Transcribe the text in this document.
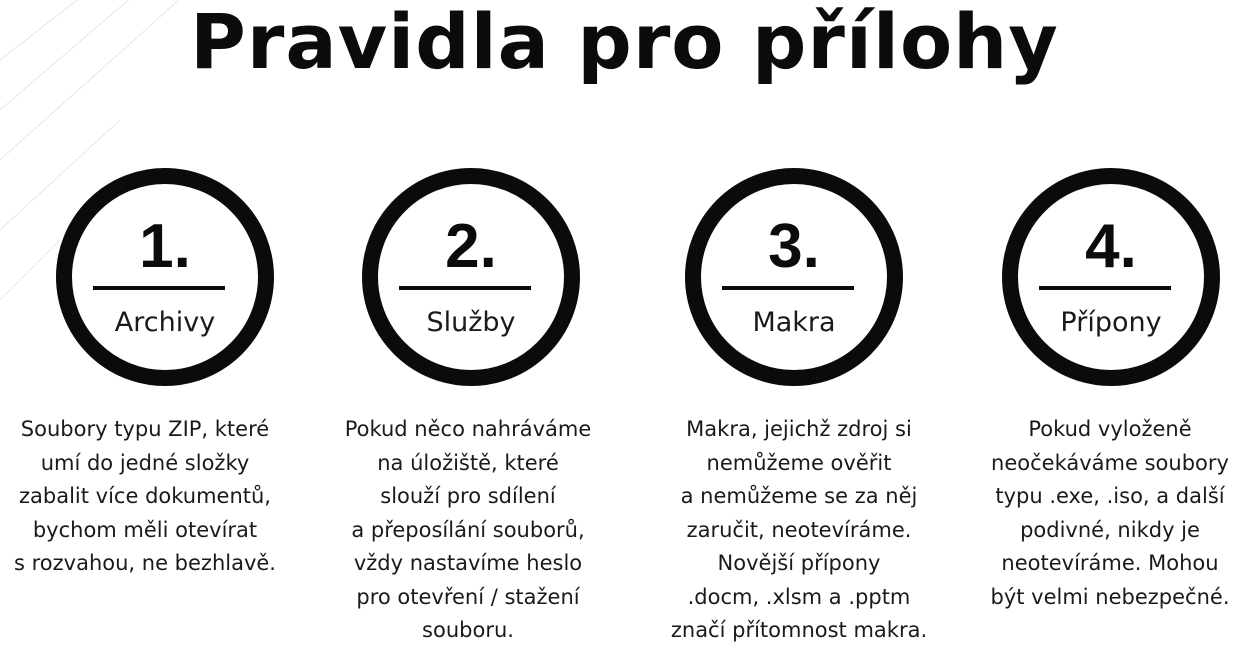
Pravidla pro přílohy
1.
Archivy
Soubory typu ZIP, které
umí do jedné složky
zabalit více dokumentů,
bychom měli otevírat
s rozvahou, ne bezhlavě.
2.
Služby
Pokud něco nahráváme
na úložiště, které
slouží pro sdílení
a přeposílání souborů,
vždy nastavíme heslo
pro otevření / stažení
souboru.
3.
Makra
Makra, jejichž zdroj si
nemůžeme ověřit
a nemůžeme se za něj
zaručit, neotevíráme.
Novější přípony
.docm, .xlsm a .pptm
značí přítomnost makra.
4.
Přípony
Pokud vyloženě
neočekáváme soubory
typu .exe, .iso, a další
podivné, nikdy je
neotevíráme. Mohou
být velmi nebezpečné.
